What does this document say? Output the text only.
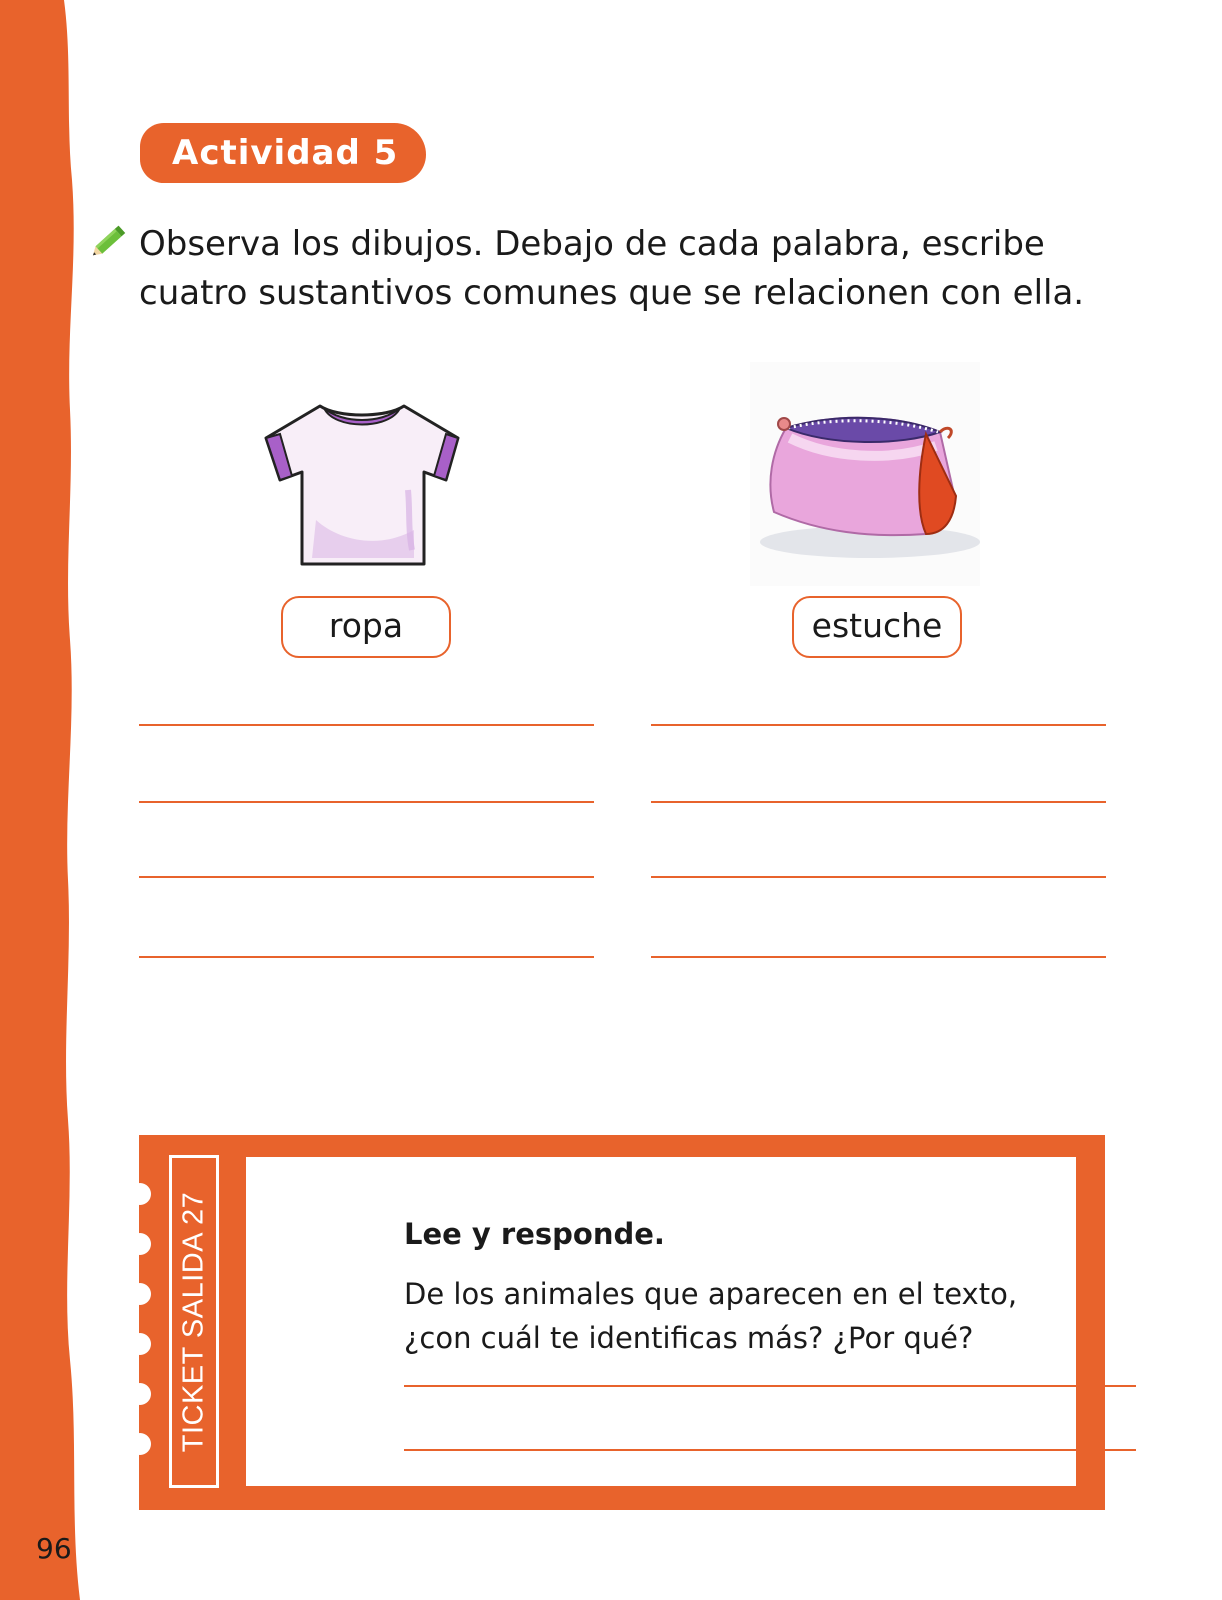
96
Actividad 5

Observa los dibujos. Debajo de cada palabra, escribe cuatro sustantivos comunes que se relacionen con ella.

ropa	estuche
TICKET SALIDA 27	Lee y responde.

De los animales que aparecen en el texto, ¿con cuál te identificas más? ¿Por qué?	LECTURA OA 3
